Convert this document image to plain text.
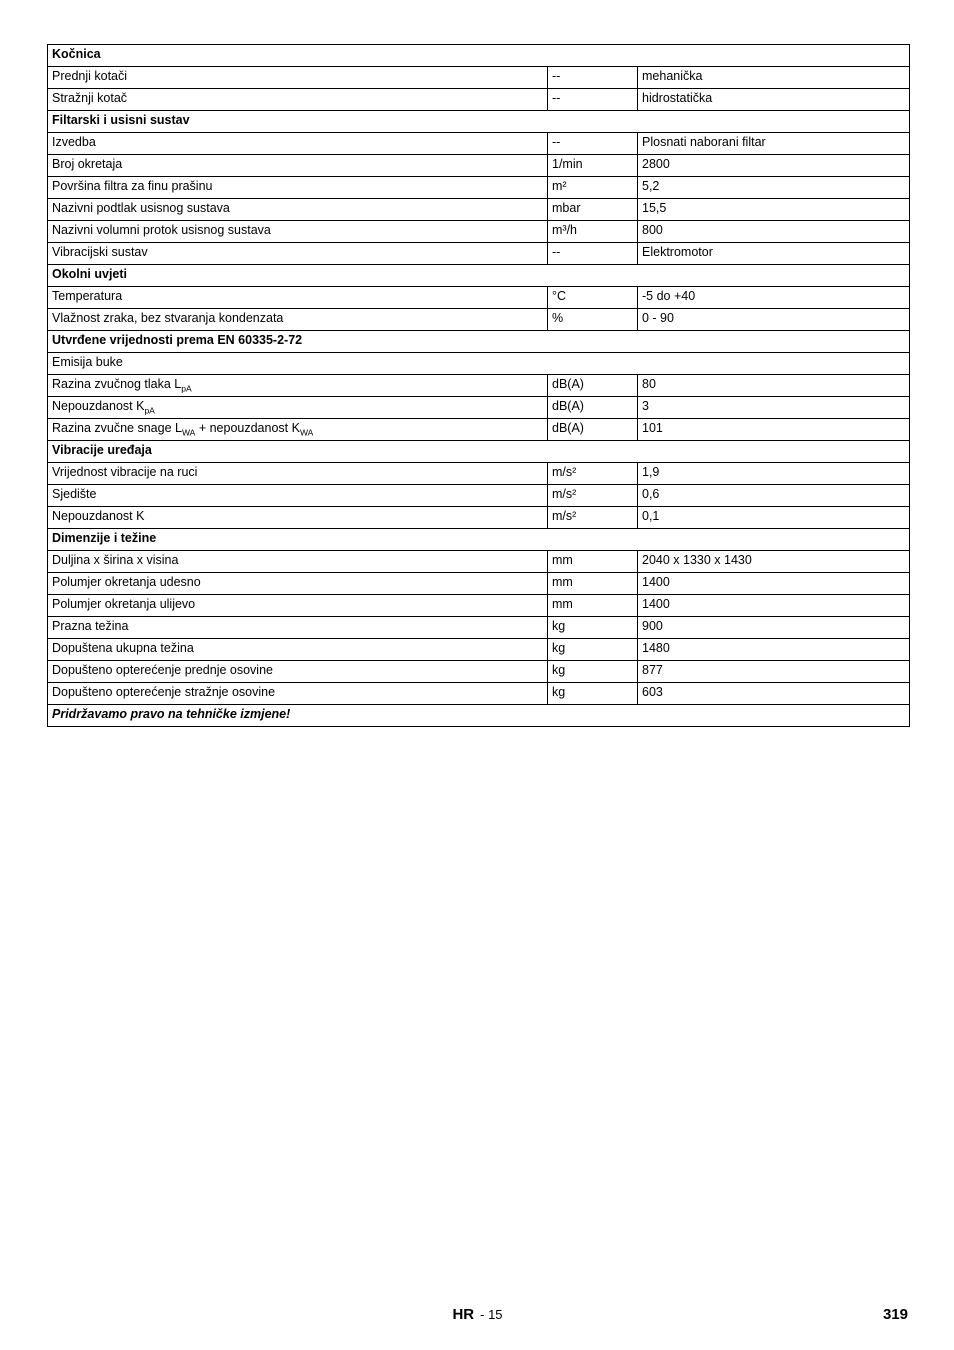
Kočnica		
Prednji kotači	--	mehanička
Stražnji kotač	--	hidrostatička
Filtarski i usisni sustav		
Izvedba	--	Plosnati naborani filtar
Broj okretaja	1/min	2800
Površina filtra za finu prašinu	m²	5,2
Nazivni podtlak usisnog sustava	mbar	15,5
Nazivni volumni protok usisnog sustava	m³/h	800
Vibracijski sustav	--	Elektromotor
Okolni uvjeti		
Temperatura	°C	-5 do +40
Vlažnost zraka, bez stvaranja kondenzata	%	0 - 90
Utvrđene vrijednosti prema EN 60335-2-72		
Emisija buke		
Razina zvučnog tlaka $L_{pA}$	dB(A)	80
Nepouzdanost $K_{pA}$	dB(A)	3
Razina zvučne snage $L_{WA}$ + nepouzdanost $K_{WA}$	dB(A)	101
Vibracije uređaja		
Vrijednost vibracije na ruci	m/s²	1,9
Sjedište	m/s²	0,6
Nepouzdanost K	m/s²	0,1
Dimenzije i težine		
Duljina x širina x visina	mm	2040 x 1330 x 1430
Polumjer okretanja udesno	mm	1400
Polumjer okretanja ulijevo	mm	1400
Prazna težina	kg	900
Dopuštena ukupna težina	kg	1480
Dopušteno opterećenje prednje osovine	kg	877
Dopušteno opterećenje stražnje osovine	kg	603
Pridržavamo pravo na tehničke izmjene!		
HR - 15	319
